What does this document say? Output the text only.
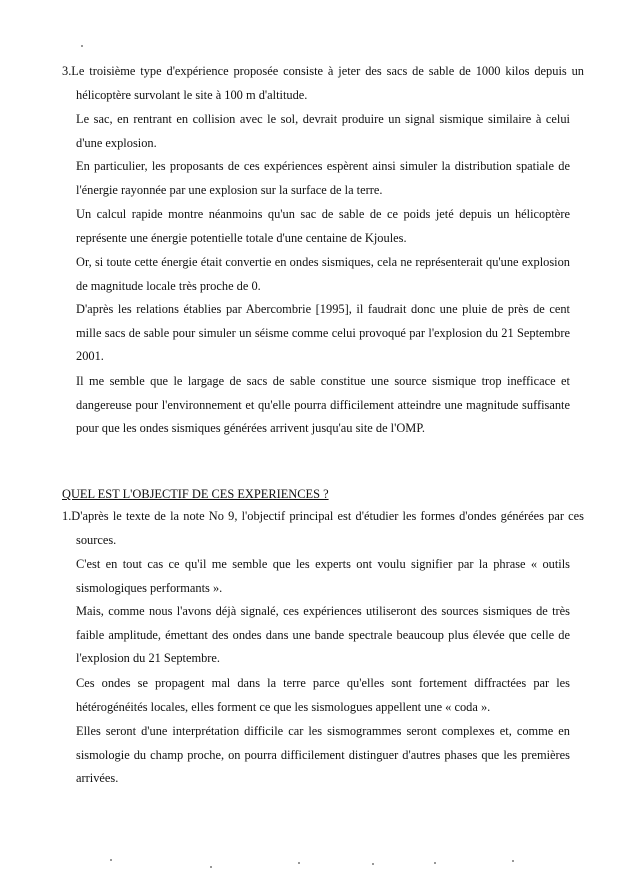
3.Le troisième type d'expérience proposée consiste à jeter des sacs de sable de 1000 kilos depuis un hélicoptère survolant le site à 100 m d'altitude.

Le sac, en rentrant en collision avec le sol, devrait produire un signal sismique similaire à celui d'une explosion.

En particulier, les proposants de ces expériences espèrent ainsi simuler la distribution spatiale de l'énergie rayonnée par une explosion sur la surface de la terre.

Un calcul rapide montre néanmoins qu'un sac de sable de ce poids jeté depuis un hélicoptère représente une énergie potentielle totale d'une centaine de Kjoules.

Or, si toute cette énergie était convertie en ondes sismiques, cela ne représenterait qu'une explosion de magnitude locale très proche de 0.

D'après les relations établies par Abercombrie [1995], il faudrait donc une pluie de près de cent mille sacs de sable pour simuler un séisme comme celui provoqué par l'explosion du 21 Septembre 2001.

Il me semble que le largage de sacs de sable constitue une source sismique trop inefficace et dangereuse pour l'environnement et qu'elle pourra difficilement atteindre une magnitude suffisante pour que les ondes sismiques générées arrivent jusqu'au site de l'OMP.

QUEL EST L'OBJECTIF DE CES EXPERIENCES ?

1.D'après le texte de la note No 9, l'objectif principal est d'étudier les formes d'ondes générées par ces sources.

C'est en tout cas ce qu'il me semble que les experts ont voulu signifier par la phrase « outils sismologiques performants ».

Mais, comme nous l'avons déjà signalé, ces expériences utiliseront des sources sismiques de très faible amplitude, émettant des ondes dans une bande spectrale beaucoup plus élevée que celle de l'explosion du 21 Septembre.

Ces ondes se propagent mal dans la terre parce qu'elles sont fortement diffractées par les hétérogénéités locales, elles forment ce que les sismologues appellent une « coda ».

Elles seront d'une interprétation difficile car les sismogrammes seront complexes et, comme en sismologie du champ proche, on pourra difficilement distinguer d'autres phases que les premières arrivées.
